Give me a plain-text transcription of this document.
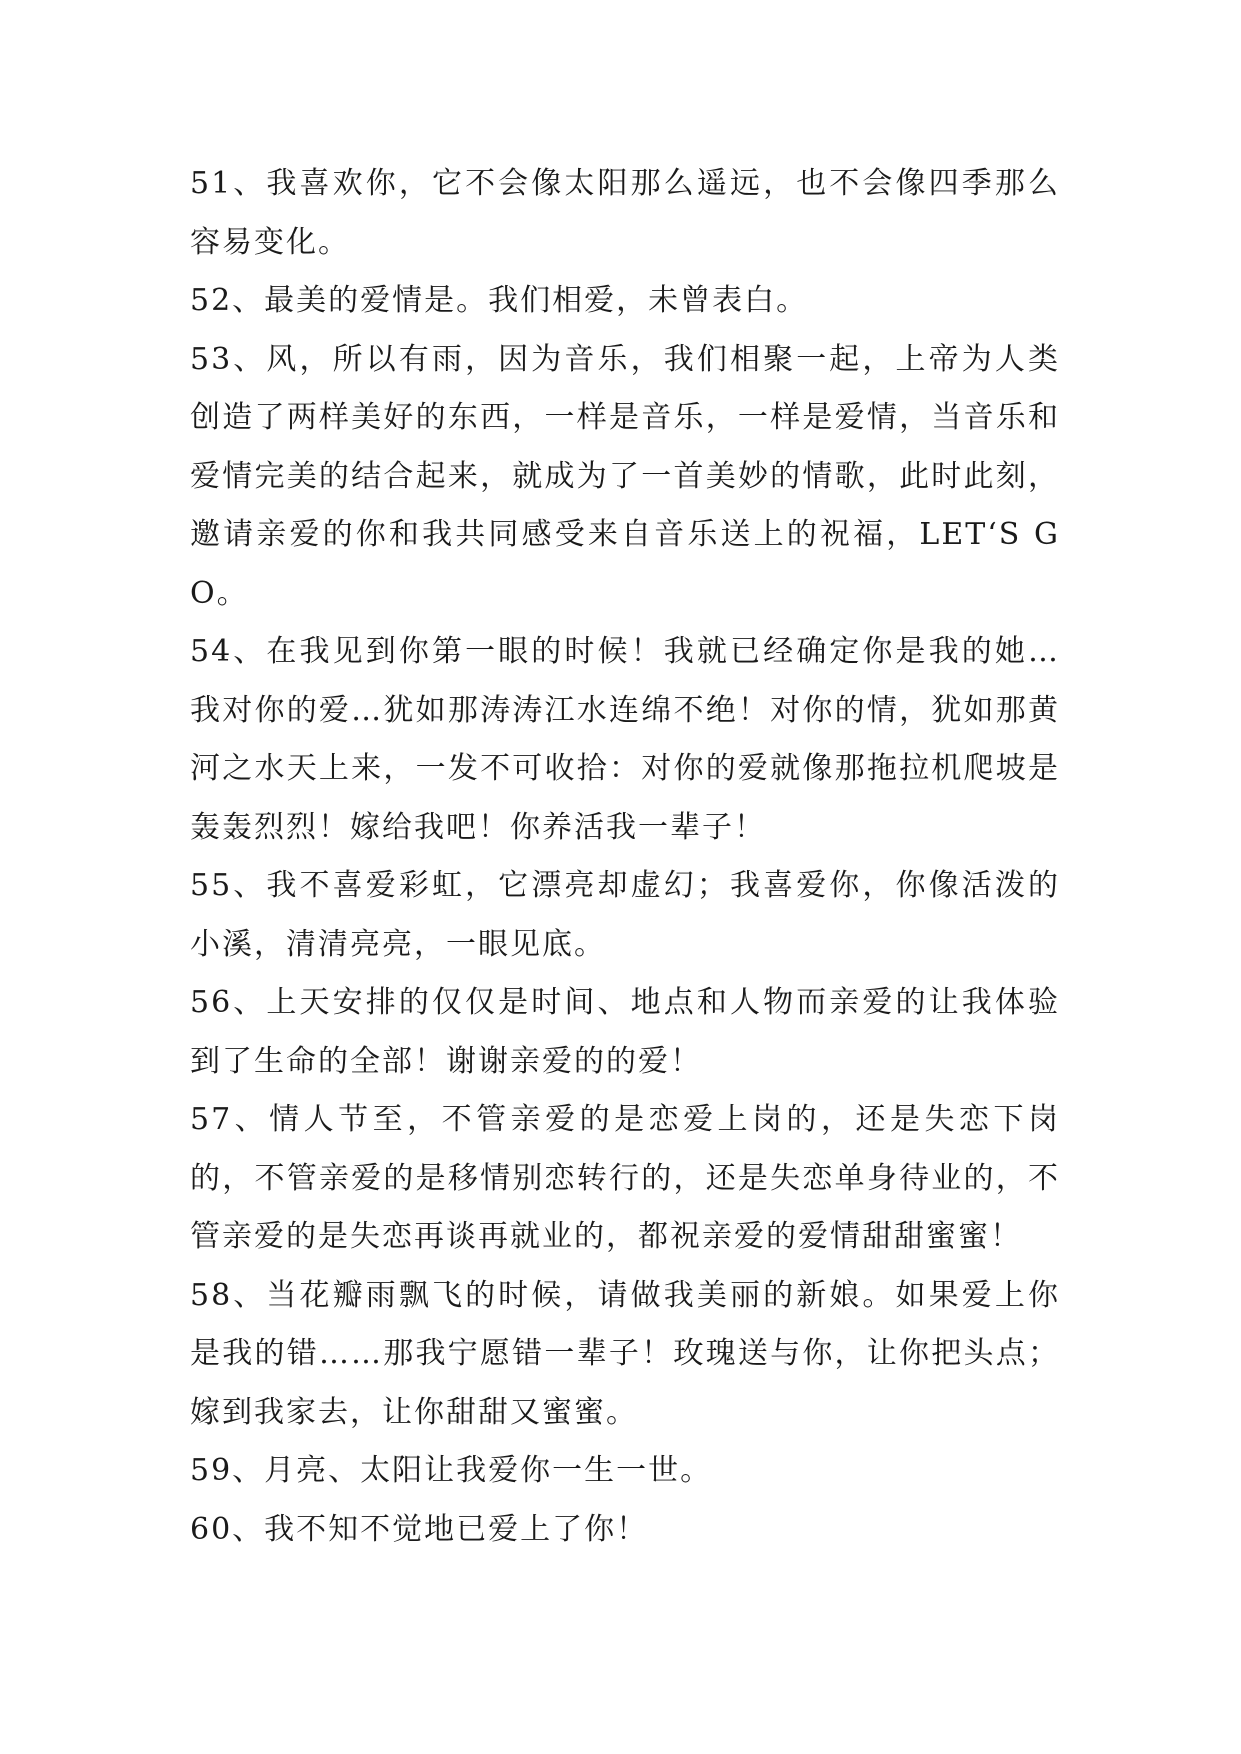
51、我喜欢你，它不会像太阳那么遥远，也不会像四季那么容易变化。

52、最美的爱情是。我们相爱，未曾表白。

53、风，所以有雨，因为音乐，我们相聚一起，上帝为人类创造了两样美好的东西，一样是音乐，一样是爱情，当音乐和爱情完美的结合起来，就成为了一首美妙的情歌，此时此刻，邀请亲爱的你和我共同感受来自音乐送上的祝福，LET‘S GO。

54、在我见到你第一眼的时候！我就已经确定你是我的她…我对你的爱…犹如那涛涛江水连绵不绝！对你的情，犹如那黄河之水天上来，一发不可收拾：对你的爱就像那拖拉机爬坡是轰轰烈烈！嫁给我吧！你养活我一辈子！

55、我不喜爱彩虹，它漂亮却虚幻；我喜爱你，你像活泼的小溪，清清亮亮，一眼见底。

56、上天安排的仅仅是时间、地点和人物而亲爱的让我体验到了生命的全部！谢谢亲爱的的爱！

57、情人节至，不管亲爱的是恋爱上岗的，还是失恋下岗的，不管亲爱的是移情别恋转行的，还是失恋单身待业的，不管亲爱的是失恋再谈再就业的，都祝亲爱的爱情甜甜蜜蜜！

58、当花瓣雨飘飞的时候，请做我美丽的新娘。如果爱上你是我的错……那我宁愿错一辈子！玫瑰送与你，让你把头点；嫁到我家去，让你甜甜又蜜蜜。

59、月亮、太阳让我爱你一生一世。

60、我不知不觉地已爱上了你！
